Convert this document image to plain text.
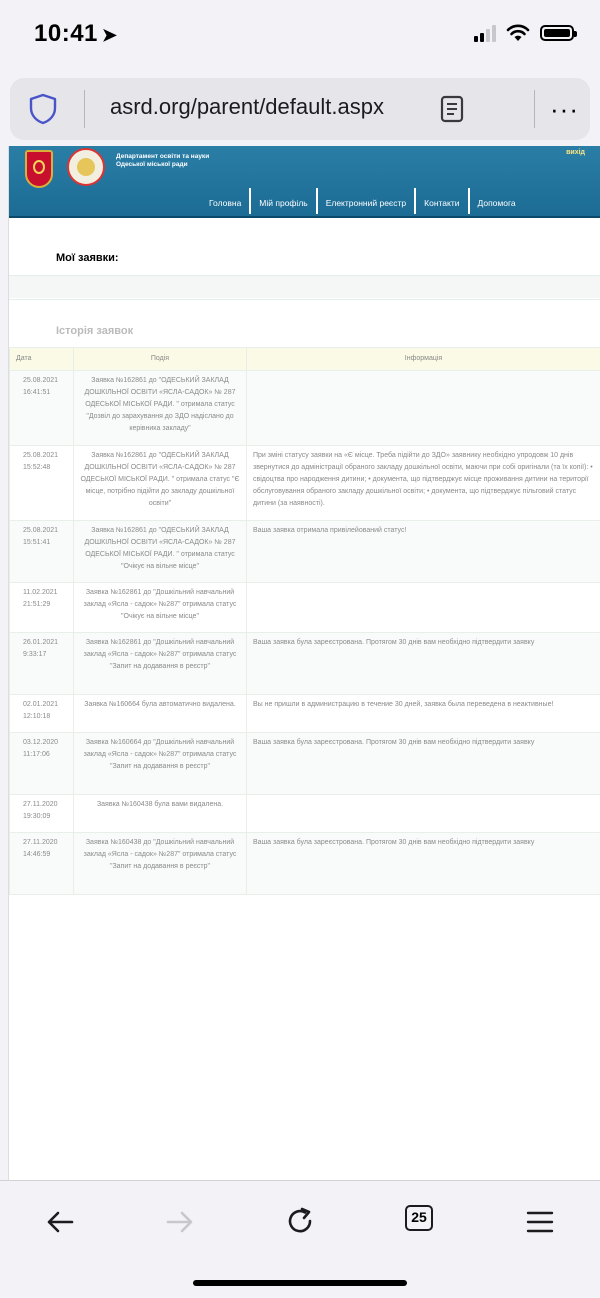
10:41 ➤
asrd.org/parent/default.aspx	···
Департамент освіти та науки Одеської міської ради
вихід
Головна	Мій профіль	Електронний реєстр	Контакти	Допомога
Мої заявки:
Історія заявок
Дата	Подія	Інформація
25.08.2021 16:41:51	Заявка №162861 до "ОДЕСЬКИЙ ЗАКЛАД ДОШКІЛЬНОЇ ОСВІТИ «ЯСЛА-САДОК» № 287 ОДЕСЬКОЇ МІСЬКОЇ РАДИ. " отримала статус "Дозвіл до зарахування до ЗДО надіслано до керівника закладу"	
25.08.2021 15:52:48	Заявка №162861 до "ОДЕСЬКИЙ ЗАКЛАД ДОШКІЛЬНОЇ ОСВІТИ «ЯСЛА-САДОК» № 287 ОДЕСЬКОЇ МІСЬКОЇ РАДИ. " отримала статус "Є місце, потрібно підійти до закладу дошкільної освіти"	При зміні статусу заявки на «Є місце. Треба підійти до ЗДО» заявнику необхідно упродовж 10 днів звернутися до адміністрації обраного закладу дошкільної освіти, маючи при собі оригінали (та їх копії): • свідоцтва про народження дитини; • документа, що підтверджує місце проживання дитини на території обслуговування обраного закладу дошкільної освіти; • документа, що підтверджує пільговий статус дитини (за наявності).
25.08.2021 15:51:41	Заявка №162861 до "ОДЕСЬКИЙ ЗАКЛАД ДОШКІЛЬНОЇ ОСВІТИ «ЯСЛА-САДОК» № 287 ОДЕСЬКОЇ МІСЬКОЇ РАДИ. " отримала статус "Очікує на вільне місце"	Ваша заявка отримала привілейований статус!
11.02.2021 21:51:29	Заявка №162861 до "Дошкільний навчальний заклад «Ясла - садок» №287" отримала статус "Очікує на вільне місце"	
26.01.2021 9:33:17	Заявка №162861 до "Дошкільний навчальний заклад «Ясла - садок» №287" отримала статус "Запит на додавання в реєстр"	Ваша заявка була зареєстрована. Протягом 30 днів вам необхідно підтвердити заявку
02.01.2021 12:10:18	Заявка №160664 була автоматично видалена.	Вы не пришли в администрацию в течение 30 дней, заявка была переведена в неактивные!
03.12.2020 11:17:06	Заявка №160664 до "Дошкільний навчальний заклад «Ясла - садок» №287" отримала статус "Запит на додавання в реєстр"	Ваша заявка була зареєстрована. Протягом 30 днів вам необхідно підтвердити заявку
27.11.2020 19:30:09	Заявка №160438 була вами видалена.	
27.11.2020 14:46:59	Заявка №160438 до "Дошкільний навчальний заклад «Ясла - садок» №287" отримала статус "Запит на додавання в реєстр"	Ваша заявка була зареєстрована. Протягом 30 днів вам необхідно підтвердити заявку
25
